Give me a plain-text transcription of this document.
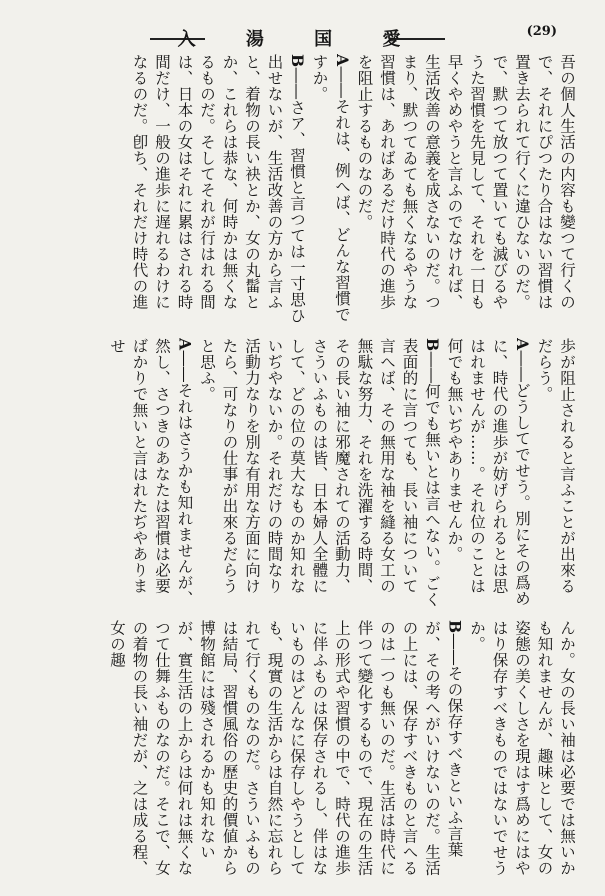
入 湯 国 愛	(29)

吾の個人生活の内容も變つて行くので、それにぴつたり合はない習慣は置き去られて行くに違ひないのだ。で、默つて放つて置いても滅びるやうた習慣を先見して、それを一日も早くやめやうと言ふのでなければ、生活改善の意義を成さないのだ。つまり、默つてゐても無くなるやうな習慣は、あればあるだけ時代の進歩を阻止するものなのだ。

A――それは、例へば、どんな習慣ですか。

B――さア、習慣と言つては一寸思ひ出せないが、生活改善の方から言ふと、着物の長い袂とか、女の丸髷とか、これらは恭な、何時かは無くなるものだ。そしてそれが行はれる間は、日本の女はそれに累はされる時間だけ、一般の進歩に遅れるわけになるのだ。卽ち、それだけ時代の進

歩が阻止されると言ふことが出來るだらう。

A――どうしてでせう。別にその爲めに、時代の進歩が妨げられるとは思はれませんが……。それ位のことは何でも無いぢやありませんか。

B――何でも無いとは言へない。ごく表面的に言つても、長い袖について言へば、その無用な袖を縫る女工の無駄な努力、それを洗濯する時間、その長い袖に邪魔されての活動力、さういふものは皆、日本婦人全體にして、どの位の莫大なものか知れないぢやないか。それだけの時間なり活動力なりを別な有用な方面に向けたら、可なりの仕事が出來るだらうと思ふ。

A――それはさうかも知れませんが、然し、さつきのあなたは習慣は必要ばかりで無いと言はれたぢやありませ

んか。女の長い袖は必要では無いかも知れませんが、趣味として、女の姿態の美くしさを現はす爲めにはやはり保存すべきものではないでせうか。

B――その保存すべきといふ言葉が、その考へがいけないのだ。生活の上には、保存すべきものと言へるのは一つも無いのだ。生活は時代に伴つて變化するもので、現在の生活上の形式や習慣の中で、時代の進歩に伴ふものは保存されるし、伴はないものはどんなに保存しやうとしても、現實の生活からは自然に忘れられて行くものなのだ。さういふものは結局、習慣風俗の歷史的價値から博物館には殘されるかも知れないが、實生活の上からは何れは無くなつて仕舞ふものなのだ。そこで、女の着物の長い袖だが、之は成る程、女の趣
